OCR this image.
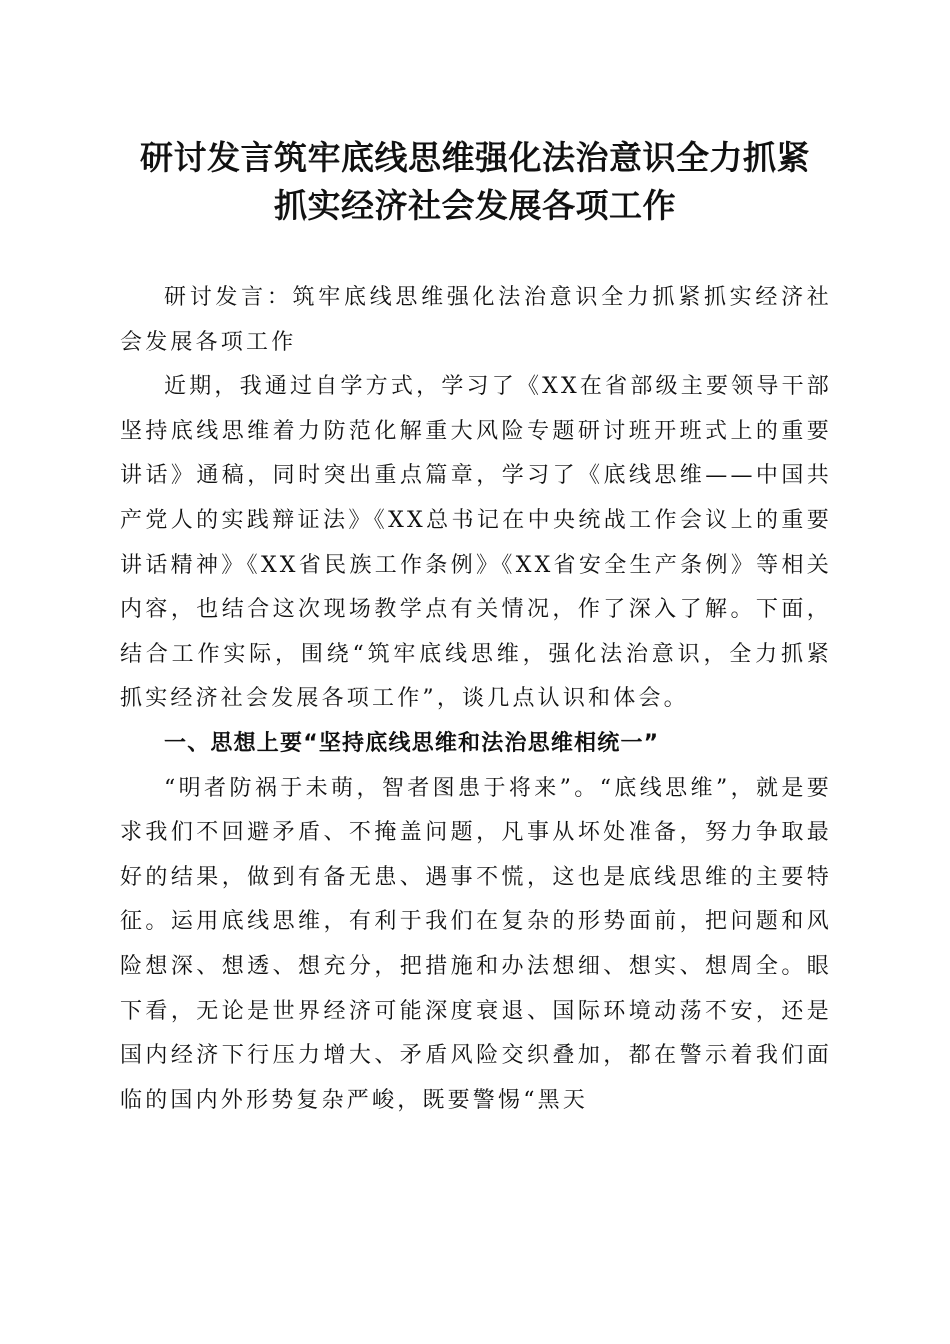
研讨发言筑牢底线思维强化法治意识全力抓紧
抓实经济社会发展各项工作

研讨发言：筑牢底线思维强化法治意识全力抓紧抓实经济社会发展各项工作

近期，我通过自学方式，学习了《XX在省部级主要领导干部坚持底线思维着力防范化解重大风险专题研讨班开班式上的重要讲话》通稿，同时突出重点篇章，学习了《底线思维——中国共产党人的实践辩证法》《XX总书记在中央统战工作会议上的重要讲话精神》《XX省民族工作条例》《XX省安全生产条例》等相关内容，也结合这次现场教学点有关情况，作了深入了解。下面，结合工作实际，围绕“筑牢底线思维，强化法治意识，全力抓紧抓实经济社会发展各项工作”，谈几点认识和体会。

一、思想上要“坚持底线思维和法治思维相统一”

“明者防祸于未萌，智者图患于将来”。“底线思维”，就是要求我们不回避矛盾、不掩盖问题，凡事从坏处准备，努力争取最好的结果，做到有备无患、遇事不慌，这也是底线思维的主要特征。运用底线思维，有利于我们在复杂的形势面前，把问题和风险想深、想透、想充分，把措施和办法想细、想实、想周全。眼下看，无论是世界经济可能深度衰退、国际环境动荡不安，还是国内经济下行压力增大、矛盾风险交织叠加，都在警示着我们面临的国内外形势复杂严峻，既要警惕“黑天
